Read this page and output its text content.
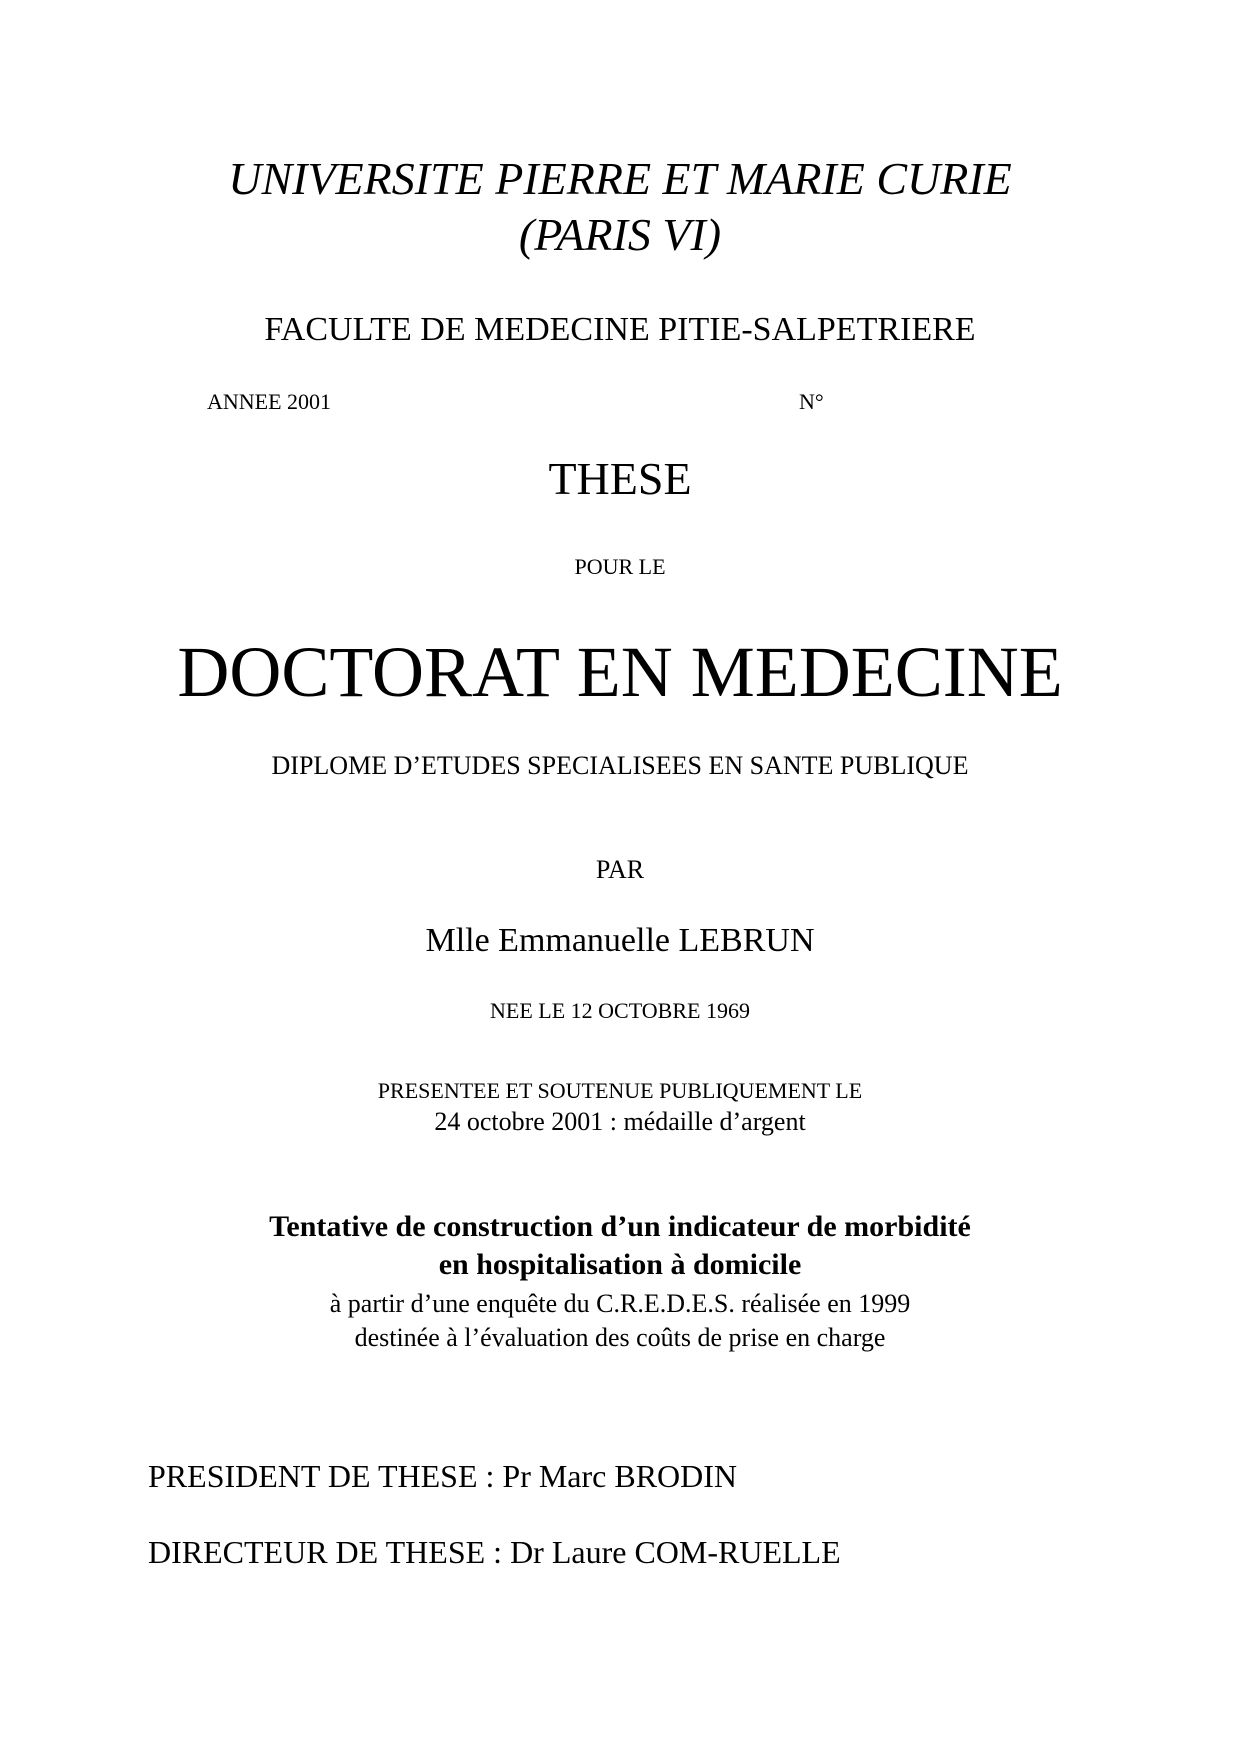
UNIVERSITE PIERRE ET MARIE CURIE
(PARIS VI)
FACULTE DE MEDECINE PITIE-SALPETRIERE
ANNEE 2001	N°
THESE
POUR LE
DOCTORAT EN MEDECINE
DIPLOME D’ETUDES SPECIALISEES EN SANTE PUBLIQUE
PAR
Mlle Emmanuelle LEBRUN
NEE LE 12 OCTOBRE 1969
PRESENTEE ET SOUTENUE PUBLIQUEMENT LE
24 octobre 2001 : médaille d’argent
Tentative de construction d’un indicateur de morbidité
en hospitalisation à domicile
à partir d’une enquête du C.R.E.D.E.S. réalisée en 1999
destinée à l’évaluation des coûts de prise en charge
PRESIDENT DE THESE : Pr Marc BRODIN
DIRECTEUR DE THESE : Dr Laure COM-RUELLE
